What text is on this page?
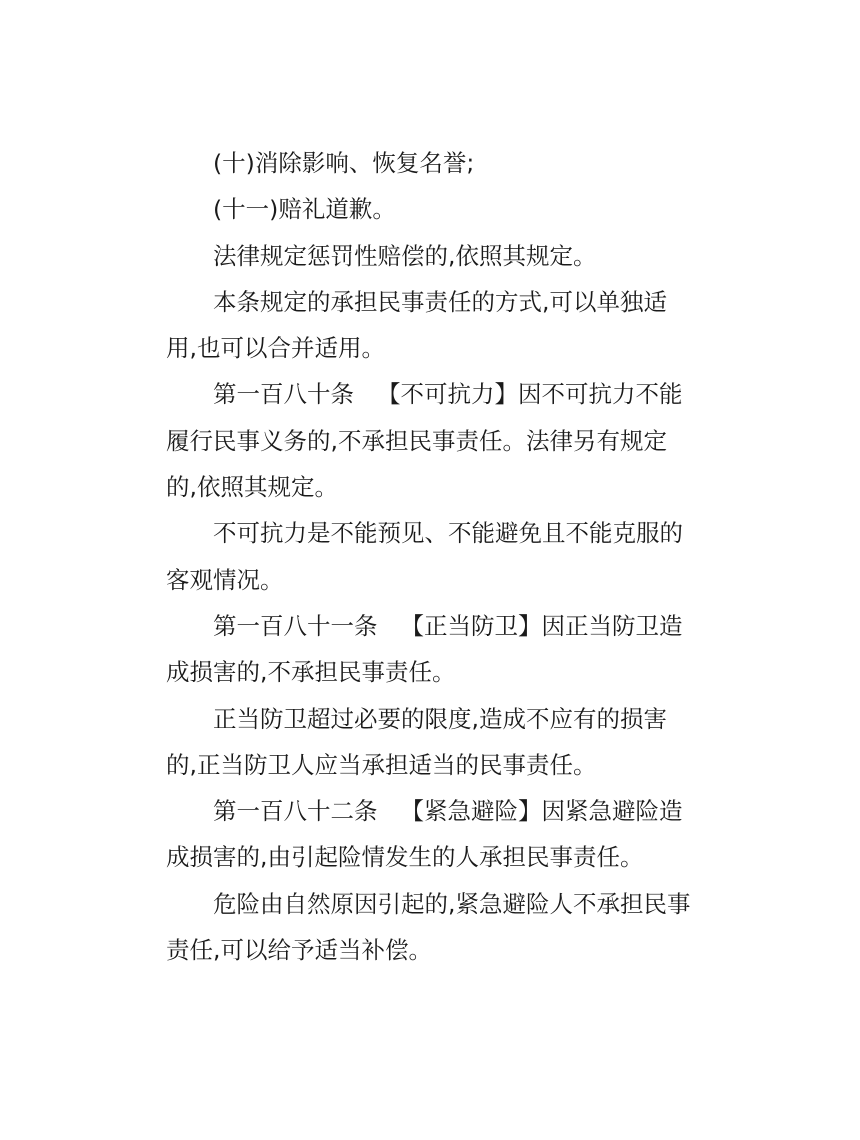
(十)消除影响、恢复名誉;

(十一)赔礼道歉。

法律规定惩罚性赔偿的,依照其规定。

本条规定的承担民事责任的方式,可以单独适用,也可以合并适用。

第一百八十条 【不可抗力】因不可抗力不能履行民事义务的,不承担民事责任。法律另有规定的,依照其规定。

不可抗力是不能预见、不能避免且不能克服的客观情况。

第一百八十一条 【正当防卫】因正当防卫造成损害的,不承担民事责任。

正当防卫超过必要的限度,造成不应有的损害的,正当防卫人应当承担适当的民事责任。

第一百八十二条 【紧急避险】因紧急避险造成损害的,由引起险情发生的人承担民事责任。

危险由自然原因引起的,紧急避险人不承担民事责任,可以给予适当补偿。
